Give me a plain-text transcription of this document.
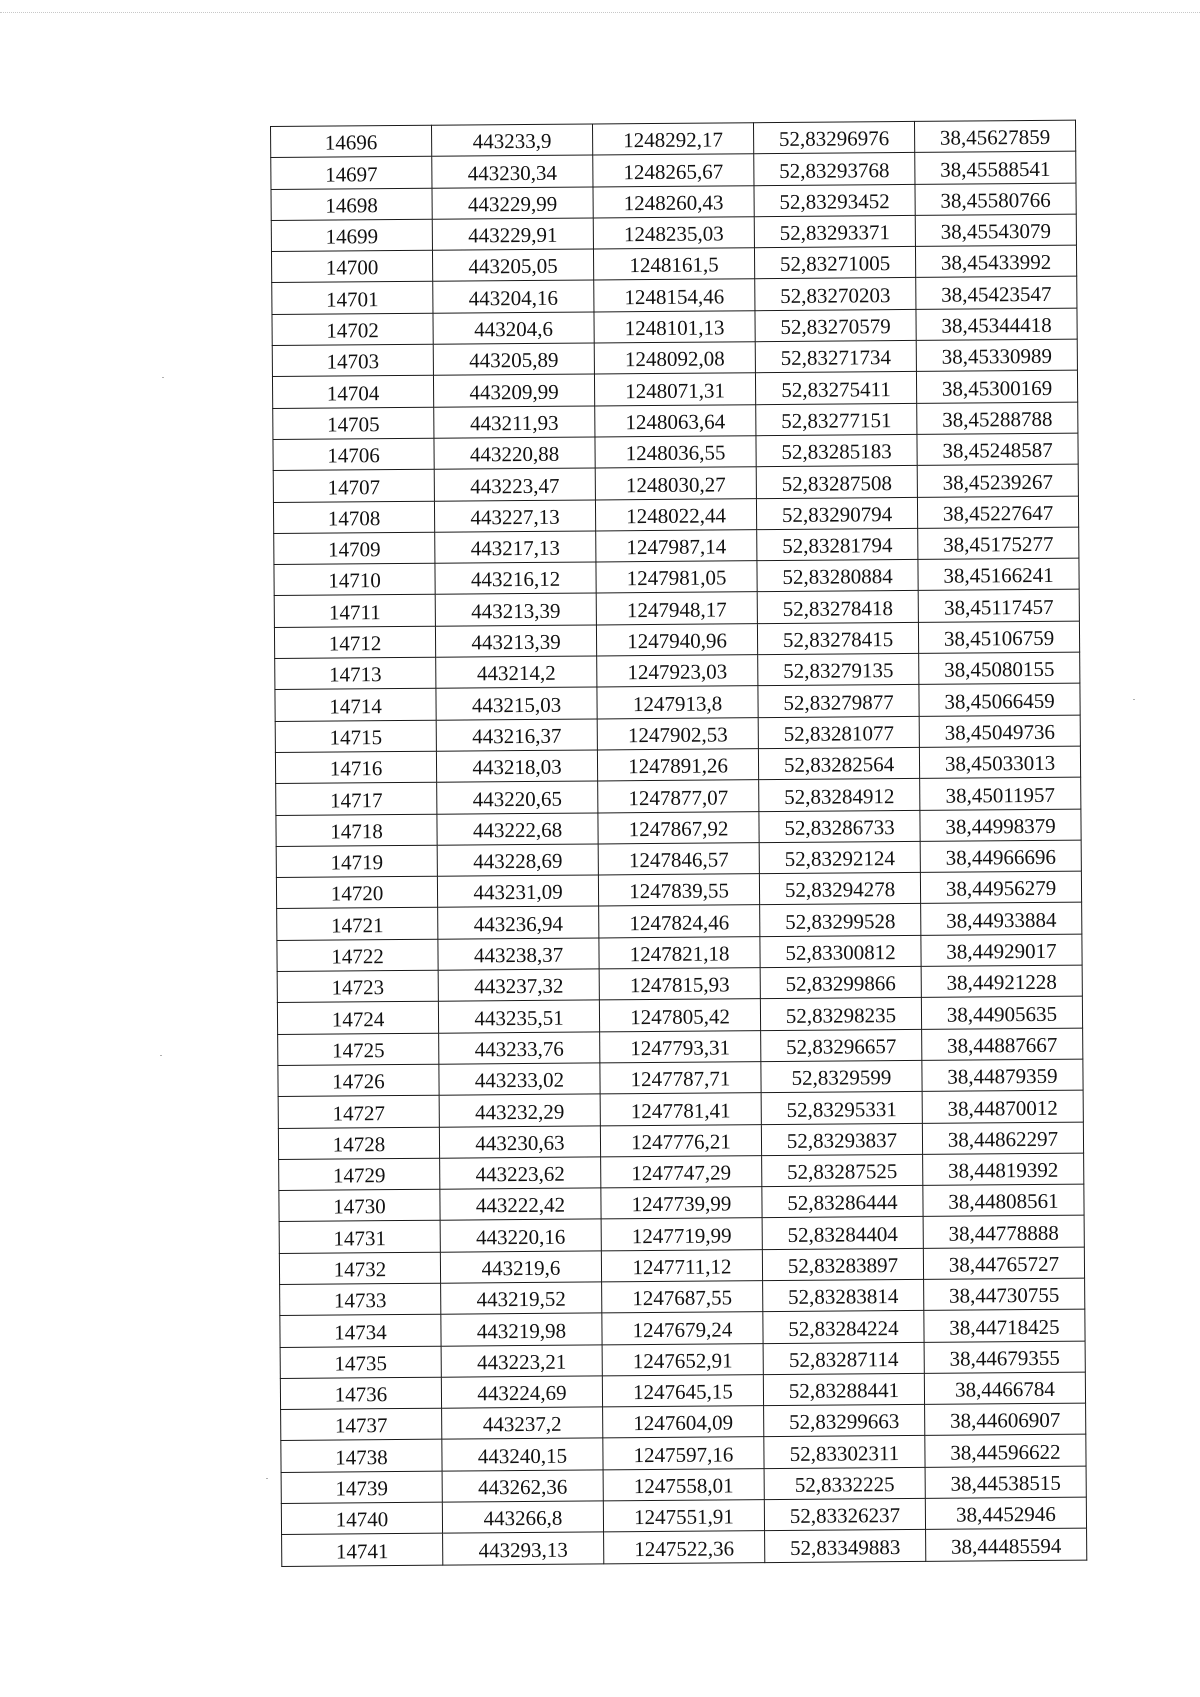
14696	443233,9	1248292,17	52,83296976	38,45627859
14697	443230,34	1248265,67	52,83293768	38,45588541
14698	443229,99	1248260,43	52,83293452	38,45580766
14699	443229,91	1248235,03	52,83293371	38,45543079
14700	443205,05	1248161,5	52,83271005	38,45433992
14701	443204,16	1248154,46	52,83270203	38,45423547
14702	443204,6	1248101,13	52,83270579	38,45344418
14703	443205,89	1248092,08	52,83271734	38,45330989
14704	443209,99	1248071,31	52,83275411	38,45300169
14705	443211,93	1248063,64	52,83277151	38,45288788
14706	443220,88	1248036,55	52,83285183	38,45248587
14707	443223,47	1248030,27	52,83287508	38,45239267
14708	443227,13	1248022,44	52,83290794	38,45227647
14709	443217,13	1247987,14	52,83281794	38,45175277
14710	443216,12	1247981,05	52,83280884	38,45166241
14711	443213,39	1247948,17	52,83278418	38,45117457
14712	443213,39	1247940,96	52,83278415	38,45106759
14713	443214,2	1247923,03	52,83279135	38,45080155
14714	443215,03	1247913,8	52,83279877	38,45066459
14715	443216,37	1247902,53	52,83281077	38,45049736
14716	443218,03	1247891,26	52,83282564	38,45033013
14717	443220,65	1247877,07	52,83284912	38,45011957
14718	443222,68	1247867,92	52,83286733	38,44998379
14719	443228,69	1247846,57	52,83292124	38,44966696
14720	443231,09	1247839,55	52,83294278	38,44956279
14721	443236,94	1247824,46	52,83299528	38,44933884
14722	443238,37	1247821,18	52,83300812	38,44929017
14723	443237,32	1247815,93	52,83299866	38,44921228
14724	443235,51	1247805,42	52,83298235	38,44905635
14725	443233,76	1247793,31	52,83296657	38,44887667
14726	443233,02	1247787,71	52,8329599	38,44879359
14727	443232,29	1247781,41	52,83295331	38,44870012
14728	443230,63	1247776,21	52,83293837	38,44862297
14729	443223,62	1247747,29	52,83287525	38,44819392
14730	443222,42	1247739,99	52,83286444	38,44808561
14731	443220,16	1247719,99	52,83284404	38,44778888
14732	443219,6	1247711,12	52,83283897	38,44765727
14733	443219,52	1247687,55	52,83283814	38,44730755
14734	443219,98	1247679,24	52,83284224	38,44718425
14735	443223,21	1247652,91	52,83287114	38,44679355
14736	443224,69	1247645,15	52,83288441	38,4466784
14737	443237,2	1247604,09	52,83299663	38,44606907
14738	443240,15	1247597,16	52,83302311	38,44596622
14739	443262,36	1247558,01	52,8332225	38,44538515
14740	443266,8	1247551,91	52,83326237	38,4452946
14741	443293,13	1247522,36	52,83349883	38,44485594
